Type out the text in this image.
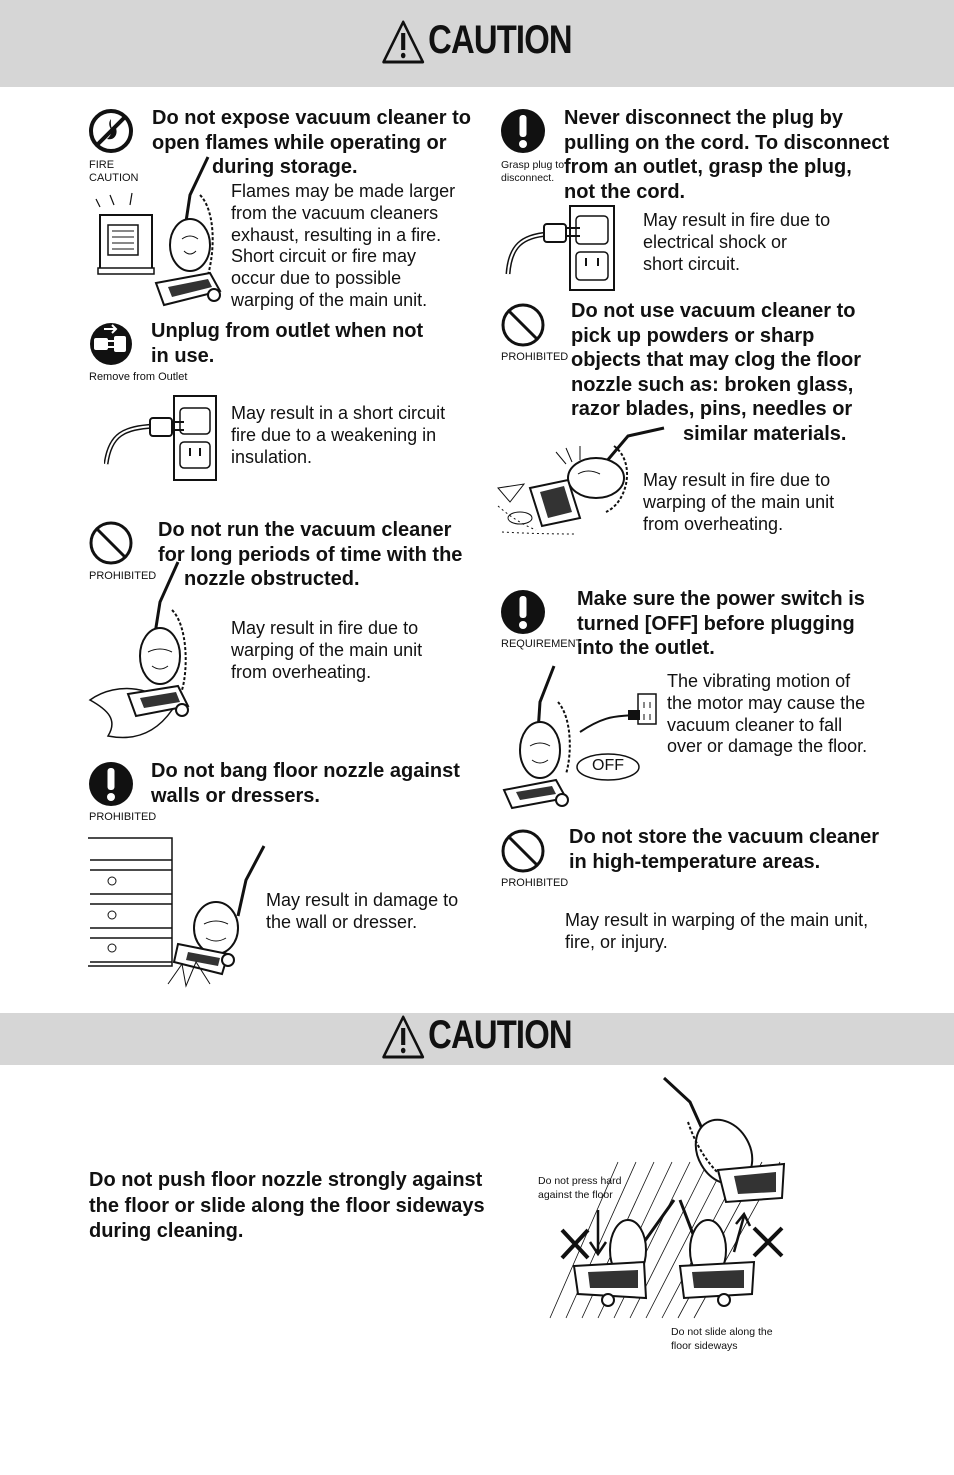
CAUTION
FIRE
CAUTION
Do not expose vacuum cleaner to
open flames while operating or
during storage.
Flames may be made larger
from the vacuum cleaners
exhaust, resulting in a fire.
Short circuit or fire may
occur due to possible
warping of the main unit.
Remove from Outlet
Unplug from outlet when not
in use.
May result in a short circuit
fire due to a weakening in
insulation.
PROHIBITED
Do not run the vacuum cleaner
for long periods of time with the
nozzle obstructed.
May result in fire due to
warping of the main unit
from overheating.
PROHIBITED
Do not bang floor nozzle against
walls or dressers.
May result in damage to
the wall or dresser.
Grasp plug to
disconnect.
Never disconnect the plug by
pulling on the cord. To disconnect
from an outlet, grasp the plug,
not the cord.
May result in fire due to
electrical shock or
short circuit.
PROHIBITED
Do not use vacuum cleaner to
pick up powders or sharp
objects that may clog the floor
nozzle such as: broken glass,
razor blades, pins, needles or
similar materials.
May result in fire due to
warping of the main unit
from overheating.
REQUIREMENT
Make sure the power switch is
turned [OFF] before plugging
into the outlet.
OFF
The vibrating motion of
the motor may cause the
vacuum cleaner to fall
over or damage the floor.
PROHIBITED
Do not store the vacuum cleaner
in high-temperature areas.
May result in warping of the main unit,
fire, or injury.
CAUTION
Do not push floor nozzle strongly against
the floor or slide along the floor sideways
during cleaning.
Do not press hard
against the floor
Do not slide along the
floor sideways
